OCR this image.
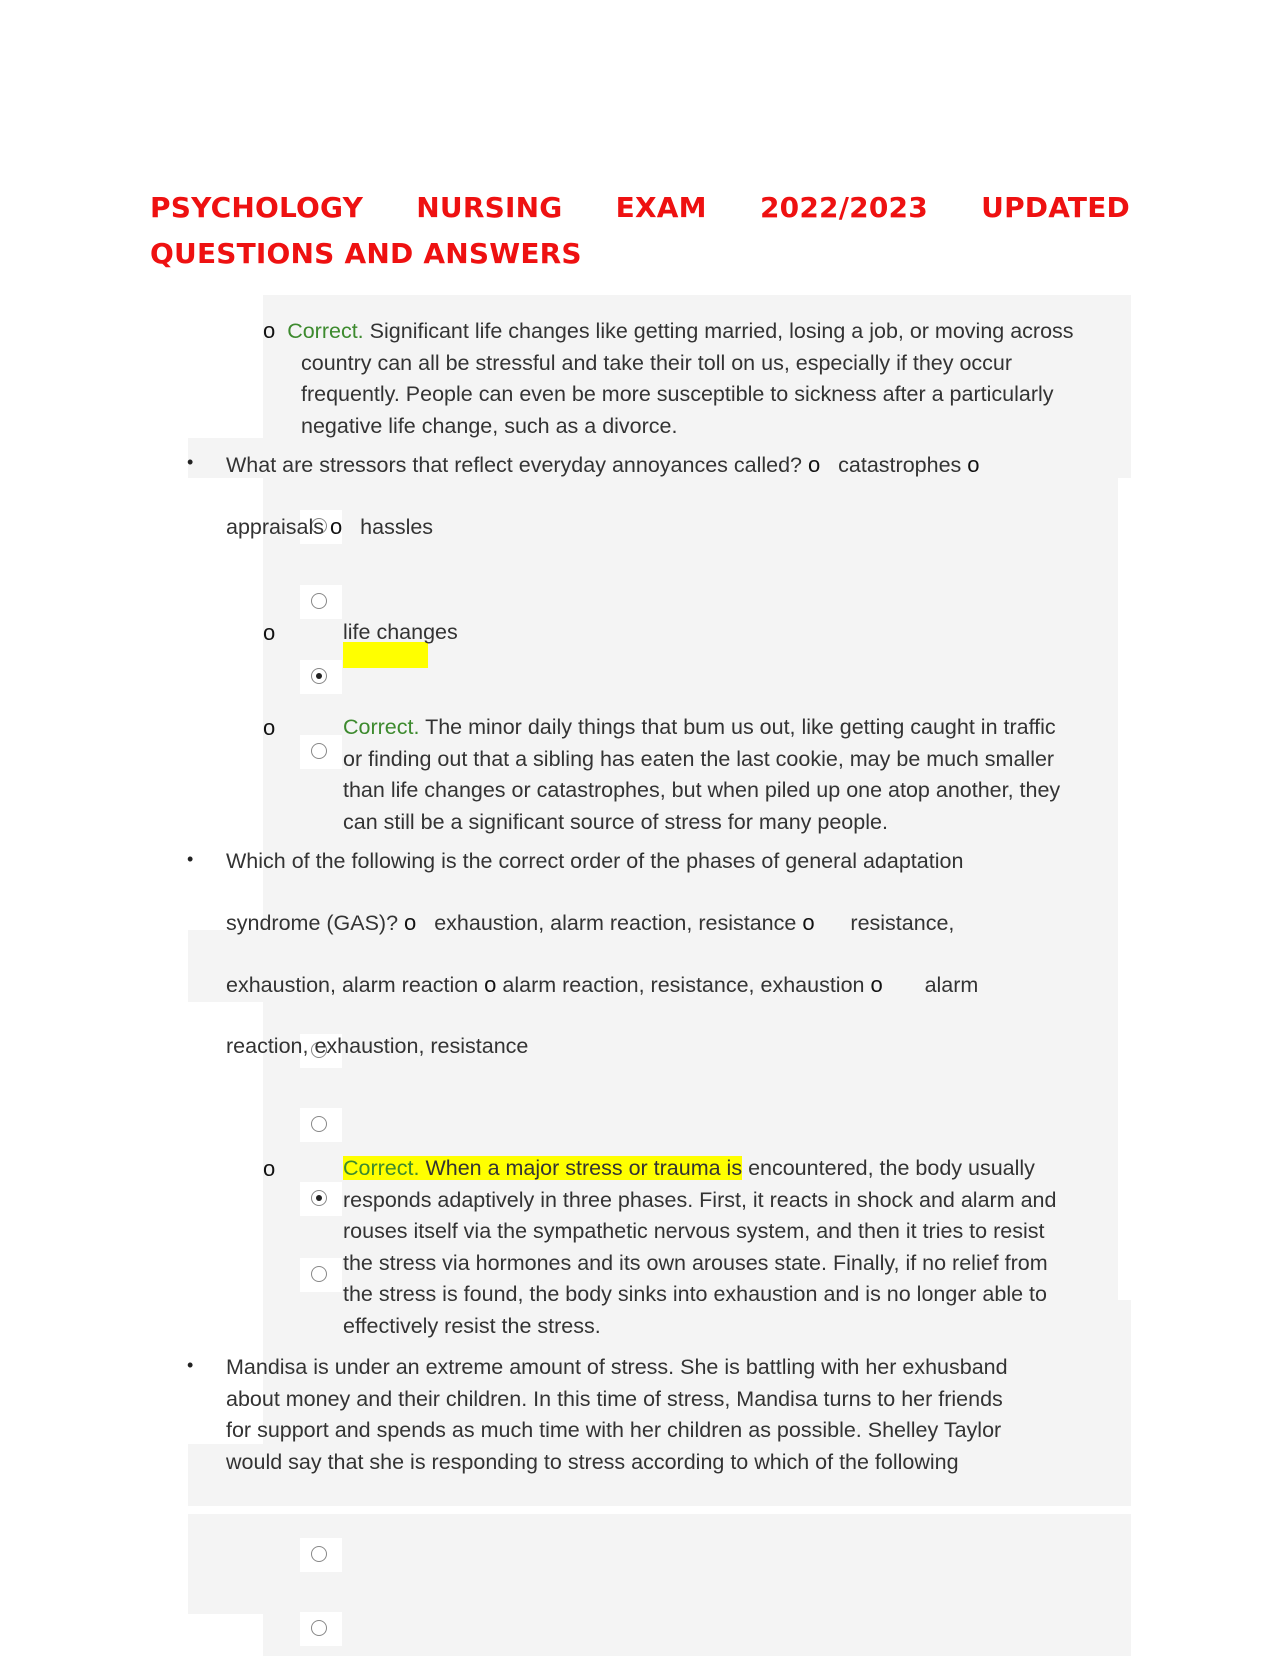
PSYCHOLOGY NURSING EXAM 2022/2023 UPDATED QUESTIONS AND ANSWERS
o Correct. Significant life changes like getting married, losing a job, or moving across
country can all be stressful and take their toll on us, especially if they occur
frequently. People can even be more susceptible to sickness after a particularly
negative life change, such as a divorce.
• What are stressors that reflect everyday annoyances called? o catastrophes o
appraisals o hassles
o	life changes
o	Correct. The minor daily things that bum us out, like getting caught in traffic
or finding out that a sibling has eaten the last cookie, may be much smaller
than life changes or catastrophes, but when piled up one atop another, they
can still be a significant source of stress for many people.
• Which of the following is the correct order of the phases of general adaptation
syndrome (GAS)? o exhaustion, alarm reaction, resistance o resistance,
exhaustion, alarm reaction o alarm reaction, resistance, exhaustion o alarm
reaction, exhaustion, resistance
o	Correct. When a major stress or trauma is encountered, the body usually
responds adaptively in three phases. First, it reacts in shock and alarm and
rouses itself via the sympathetic nervous system, and then it tries to resist
the stress via hormones and its own arouses state. Finally, if no relief from
the stress is found, the body sinks into exhaustion and is no longer able to
effectively resist the stress.
• Mandisa is under an extreme amount of stress. She is battling with her exhusband
about money and their children. In this time of stress, Mandisa turns to her friends
for support and spends as much time with her children as possible. Shelley Taylor
would say that she is responding to stress according to which of the following
